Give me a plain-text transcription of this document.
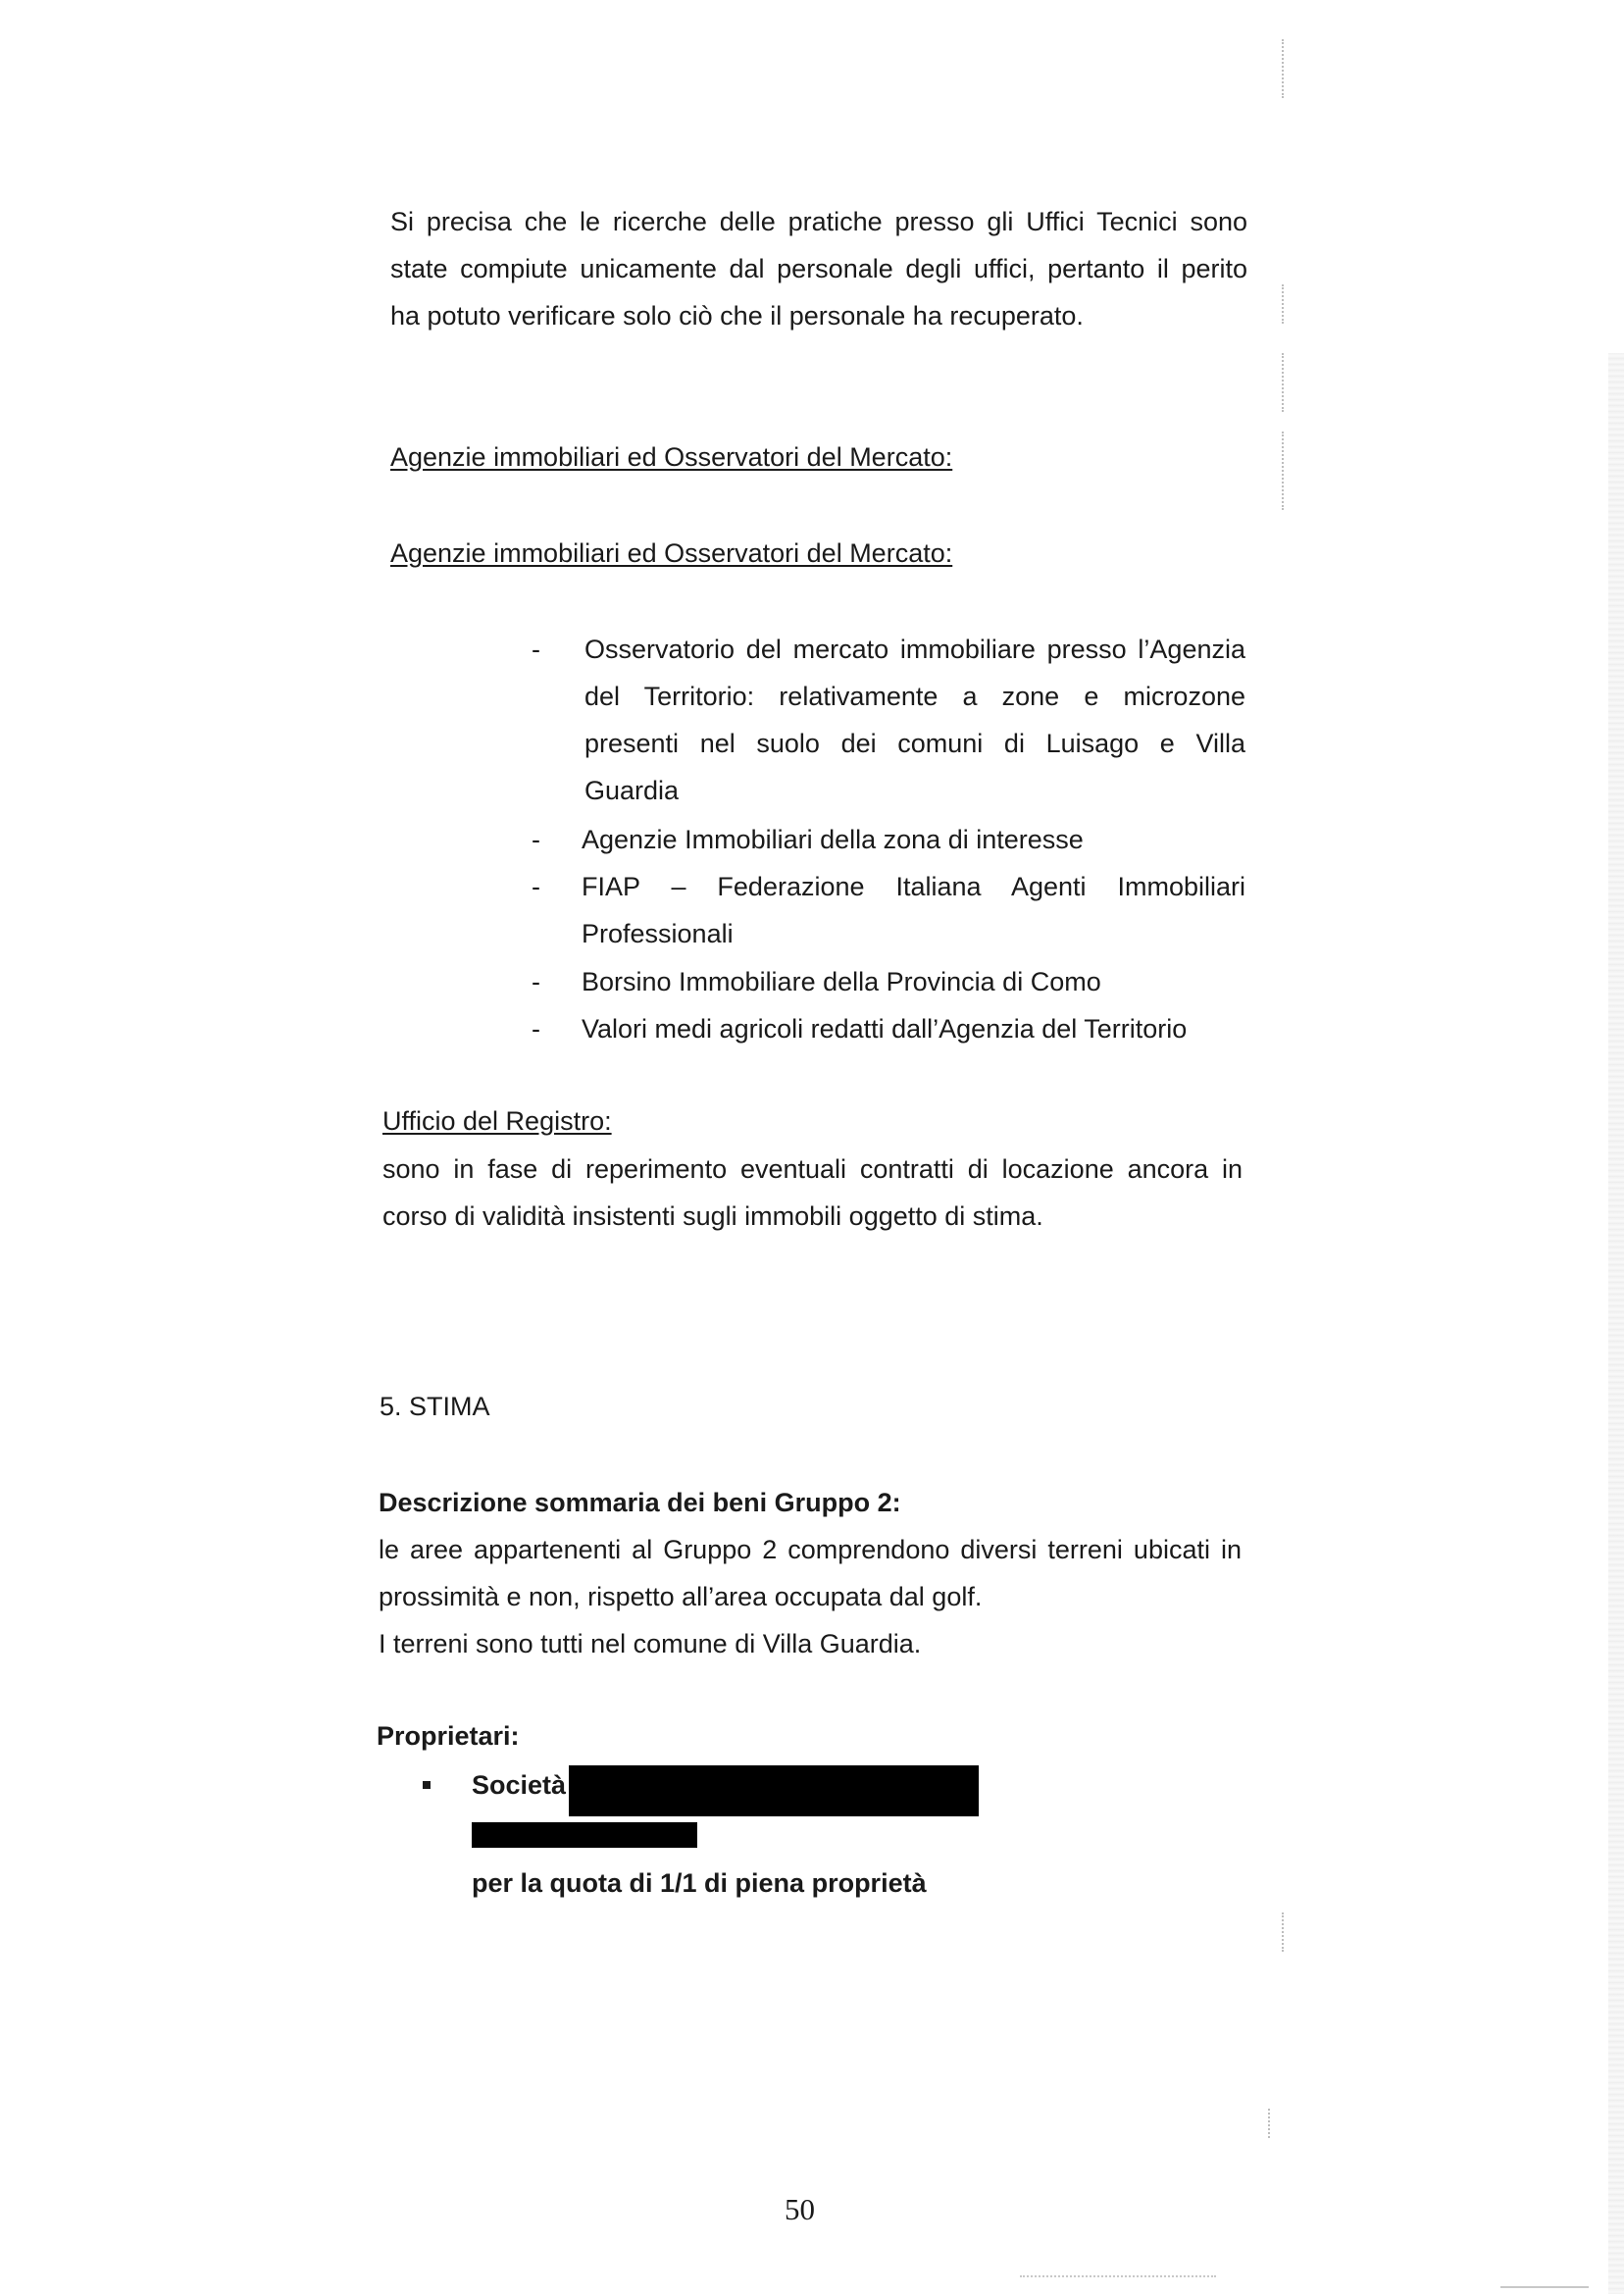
Si precisa che le ricerche delle pratiche presso gli Uffici Tecnici sono
state compiute unicamente dal personale degli uffici, pertanto il perito
ha potuto verificare solo ciò che il personale ha recuperato.
Agenzie immobiliari ed Osservatori del Mercato:
Agenzie immobiliari ed Osservatori del Mercato:
- Osservatorio del mercato immobiliare presso l’Agenzia
del Territorio: relativamente a zone e microzone
presenti nel suolo dei comuni di Luisago e Villa
Guardia
- Agenzie Immobiliari della zona di interesse
- FIAP – Federazione Italiana Agenti Immobiliari
Professionali
- Borsino Immobiliare della Provincia di Como
- Valori medi agricoli redatti dall’Agenzia del Territorio
Ufficio del Registro:
sono in fase di reperimento eventuali contratti di locazione ancora in
corso di validità insistenti sugli immobili oggetto di stima.
5. STIMA
Descrizione sommaria dei beni Gruppo 2:
le aree appartenenti al Gruppo 2 comprendono diversi terreni ubicati in
prossimità e non, rispetto all’area occupata dal golf.
I terreni sono tutti nel comune di Villa Guardia.
Proprietari:
Società
per la quota di 1/1 di piena proprietà
50
